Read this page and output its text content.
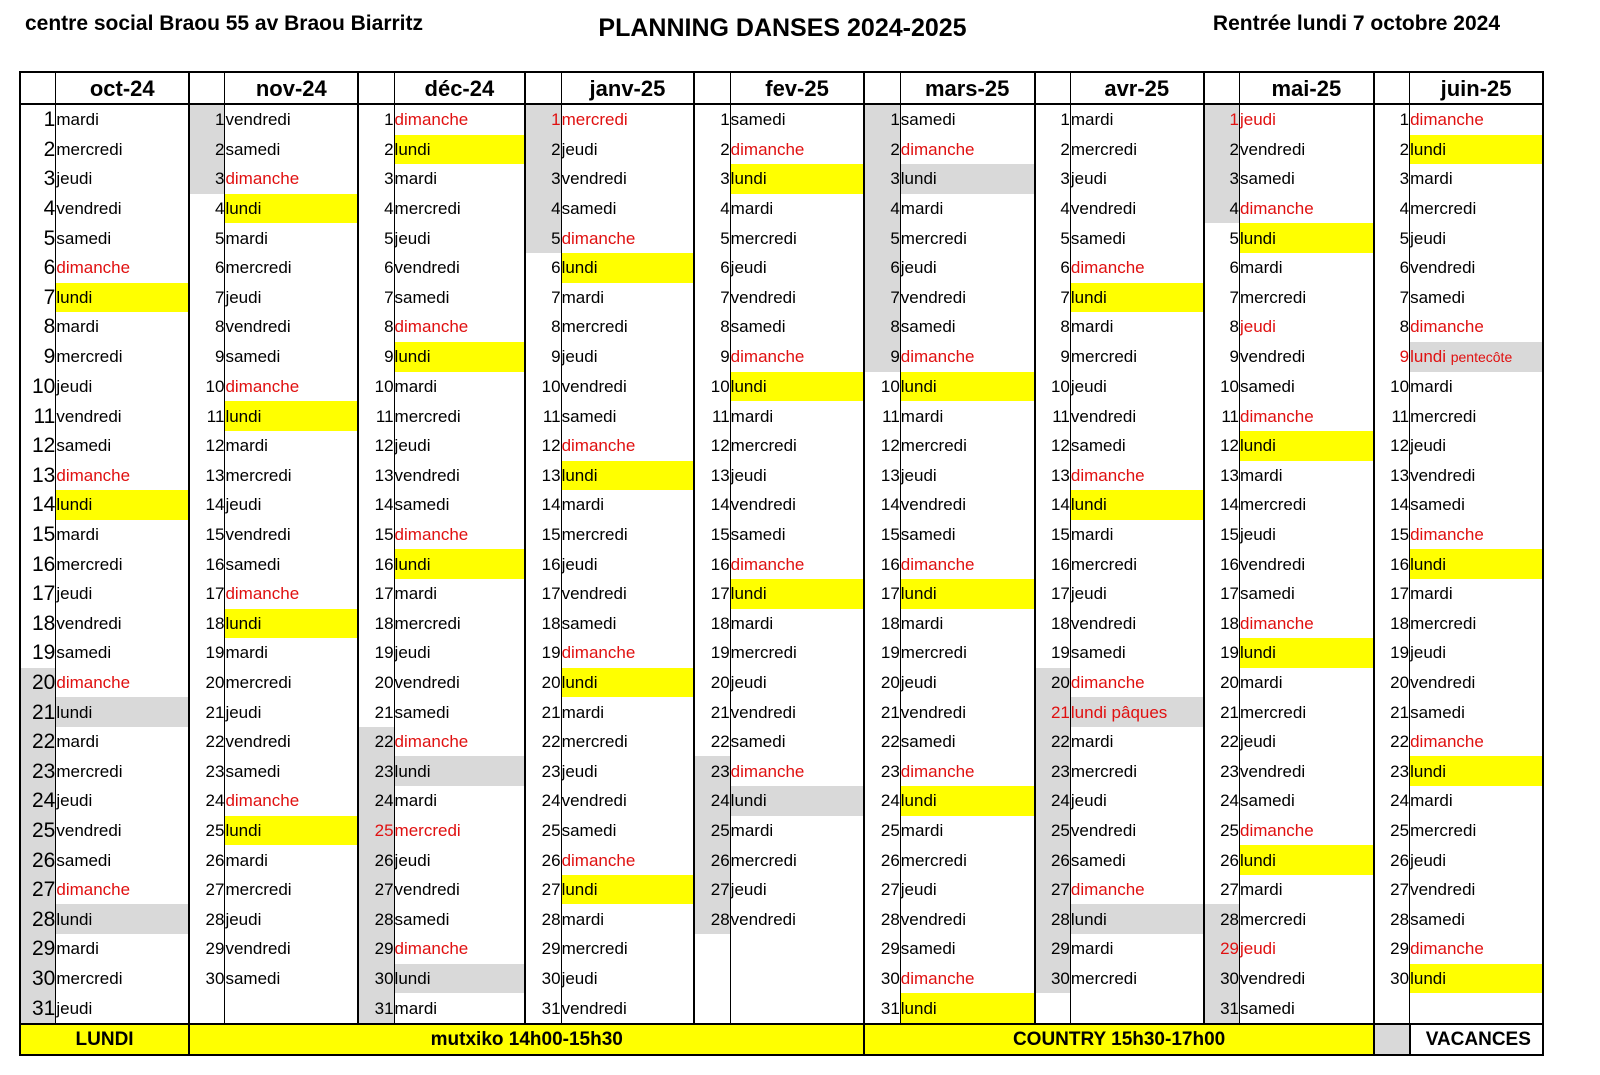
centre social Braou 55 av Braou Biarritz	PLANNING DANSES 2024-2025	Rentrée lundi 7 octobre 2024
	oct-24		nov-24		déc-24		janv-25		fev-25		mars-25		avr-25		mai-25		juin-25
1	mardi	1	vendredi	1	dimanche	1	mercredi	1	samedi	1	samedi	1	mardi	1	jeudi	1	dimanche
2	mercredi	2	samedi	2	lundi	2	jeudi	2	dimanche	2	dimanche	2	mercredi	2	vendredi	2	lundi
3	jeudi	3	dimanche	3	mardi	3	vendredi	3	lundi	3	lundi	3	jeudi	3	samedi	3	mardi
4	vendredi	4	lundi	4	mercredi	4	samedi	4	mardi	4	mardi	4	vendredi	4	dimanche	4	mercredi
5	samedi	5	mardi	5	jeudi	5	dimanche	5	mercredi	5	mercredi	5	samedi	5	lundi	5	jeudi
6	dimanche	6	mercredi	6	vendredi	6	lundi	6	jeudi	6	jeudi	6	dimanche	6	mardi	6	vendredi
7	lundi	7	jeudi	7	samedi	7	mardi	7	vendredi	7	vendredi	7	lundi	7	mercredi	7	samedi
8	mardi	8	vendredi	8	dimanche	8	mercredi	8	samedi	8	samedi	8	mardi	8	jeudi	8	dimanche
9	mercredi	9	samedi	9	lundi	9	jeudi	9	dimanche	9	dimanche	9	mercredi	9	vendredi	9	lundi pentecôte
10	jeudi	10	dimanche	10	mardi	10	vendredi	10	lundi	10	lundi	10	jeudi	10	samedi	10	mardi
11	vendredi	11	lundi	11	mercredi	11	samedi	11	mardi	11	mardi	11	vendredi	11	dimanche	11	mercredi
12	samedi	12	mardi	12	jeudi	12	dimanche	12	mercredi	12	mercredi	12	samedi	12	lundi	12	jeudi
13	dimanche	13	mercredi	13	vendredi	13	lundi	13	jeudi	13	jeudi	13	dimanche	13	mardi	13	vendredi
14	lundi	14	jeudi	14	samedi	14	mardi	14	vendredi	14	vendredi	14	lundi	14	mercredi	14	samedi
15	mardi	15	vendredi	15	dimanche	15	mercredi	15	samedi	15	samedi	15	mardi	15	jeudi	15	dimanche
16	mercredi	16	samedi	16	lundi	16	jeudi	16	dimanche	16	dimanche	16	mercredi	16	vendredi	16	lundi
17	jeudi	17	dimanche	17	mardi	17	vendredi	17	lundi	17	lundi	17	jeudi	17	samedi	17	mardi
18	vendredi	18	lundi	18	mercredi	18	samedi	18	mardi	18	mardi	18	vendredi	18	dimanche	18	mercredi
19	samedi	19	mardi	19	jeudi	19	dimanche	19	mercredi	19	mercredi	19	samedi	19	lundi	19	jeudi
20	dimanche	20	mercredi	20	vendredi	20	lundi	20	jeudi	20	jeudi	20	dimanche	20	mardi	20	vendredi
21	lundi	21	jeudi	21	samedi	21	mardi	21	vendredi	21	vendredi	21	lundi pâques	21	mercredi	21	samedi
22	mardi	22	vendredi	22	dimanche	22	mercredi	22	samedi	22	samedi	22	mardi	22	jeudi	22	dimanche
23	mercredi	23	samedi	23	lundi	23	jeudi	23	dimanche	23	dimanche	23	mercredi	23	vendredi	23	lundi
24	jeudi	24	dimanche	24	mardi	24	vendredi	24	lundi	24	lundi	24	jeudi	24	samedi	24	mardi
25	vendredi	25	lundi	25	mercredi	25	samedi	25	mardi	25	mardi	25	vendredi	25	dimanche	25	mercredi
26	samedi	26	mardi	26	jeudi	26	dimanche	26	mercredi	26	mercredi	26	samedi	26	lundi	26	jeudi
27	dimanche	27	mercredi	27	vendredi	27	lundi	27	jeudi	27	jeudi	27	dimanche	27	mardi	27	vendredi
28	lundi	28	jeudi	28	samedi	28	mardi	28	vendredi	28	vendredi	28	lundi	28	mercredi	28	samedi
29	mardi	29	vendredi	29	dimanche	29	mercredi			29	samedi	29	mardi	29	jeudi	29	dimanche
30	mercredi	30	samedi	30	lundi	30	jeudi			30	dimanche	30	mercredi	30	vendredi	30	lundi
31	jeudi			31	mardi	31	vendredi			31	lundi			31	samedi		
LUNDI		mutxiko 14h00-15h30								COUNTRY 15h30-17h00							VACANCES
